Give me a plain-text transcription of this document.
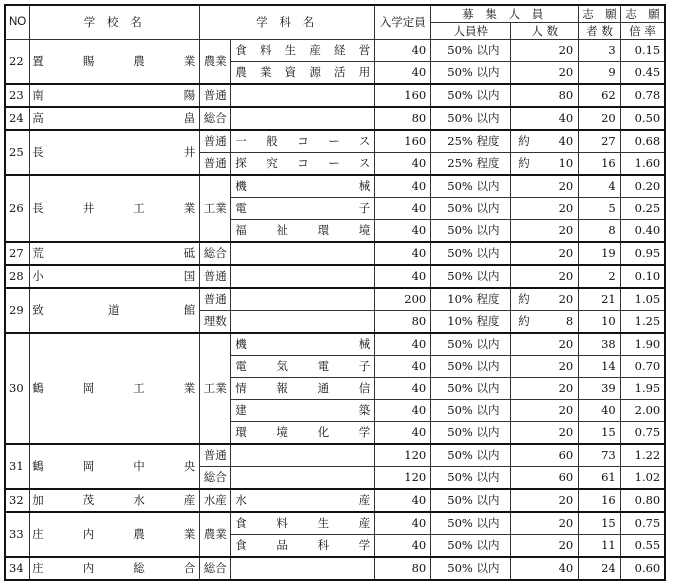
NO	学 校 名	学 科 名		入学定員	募 集 人 員		志　願	志　願
					人員枠	人 数	者 数	倍 率
22	置賜農業	農業	食料生産経営	40	50% 以内	20	3	0.15
			農業資源活用	40	50% 以内	20	9	0.45
23	南陽	普通		160	50% 以内	80	62	0.78
24	高畠	総合		80	50% 以内	40	20	0.50
25	長井	普通	一般コース	160	25% 程度	約 40	27	0.68
		普通	探究コース	40	25% 程度	約 10	16	1.60
26	長井工業	工業	機械	40	50% 以内	20	4	0.20
			電子	40	50% 以内	20	5	0.25
			福祉環境	40	50% 以内	20	8	0.40
27	荒砥	総合		40	50% 以内	20	19	0.95
28	小国	普通		40	50% 以内	20	2	0.10
29	致道館	普通		200	10% 程度	約 20	21	1.05
		理数		80	10% 程度	約 8	10	1.25
30	鶴岡工業	工業	機械	40	50% 以内	20	38	1.90
			電気電子	40	50% 以内	20	14	0.70
			情報通信	40	50% 以内	20	39	1.95
			建築	40	50% 以内	20	40	2.00
			環境化学	40	50% 以内	20	15	0.75
31	鶴岡中央	普通		120	50% 以内	60	73	1.22
		総合		120	50% 以内	60	61	1.02
32	加茂水産	水産	水産	40	50% 以内	20	16	0.80
33	庄内農業	農業	食料生産	40	50% 以内	20	15	0.75
			食品科学	40	50% 以内	20	11	0.55
34	庄内総合	総合		80	50% 以内	40	24	0.60
